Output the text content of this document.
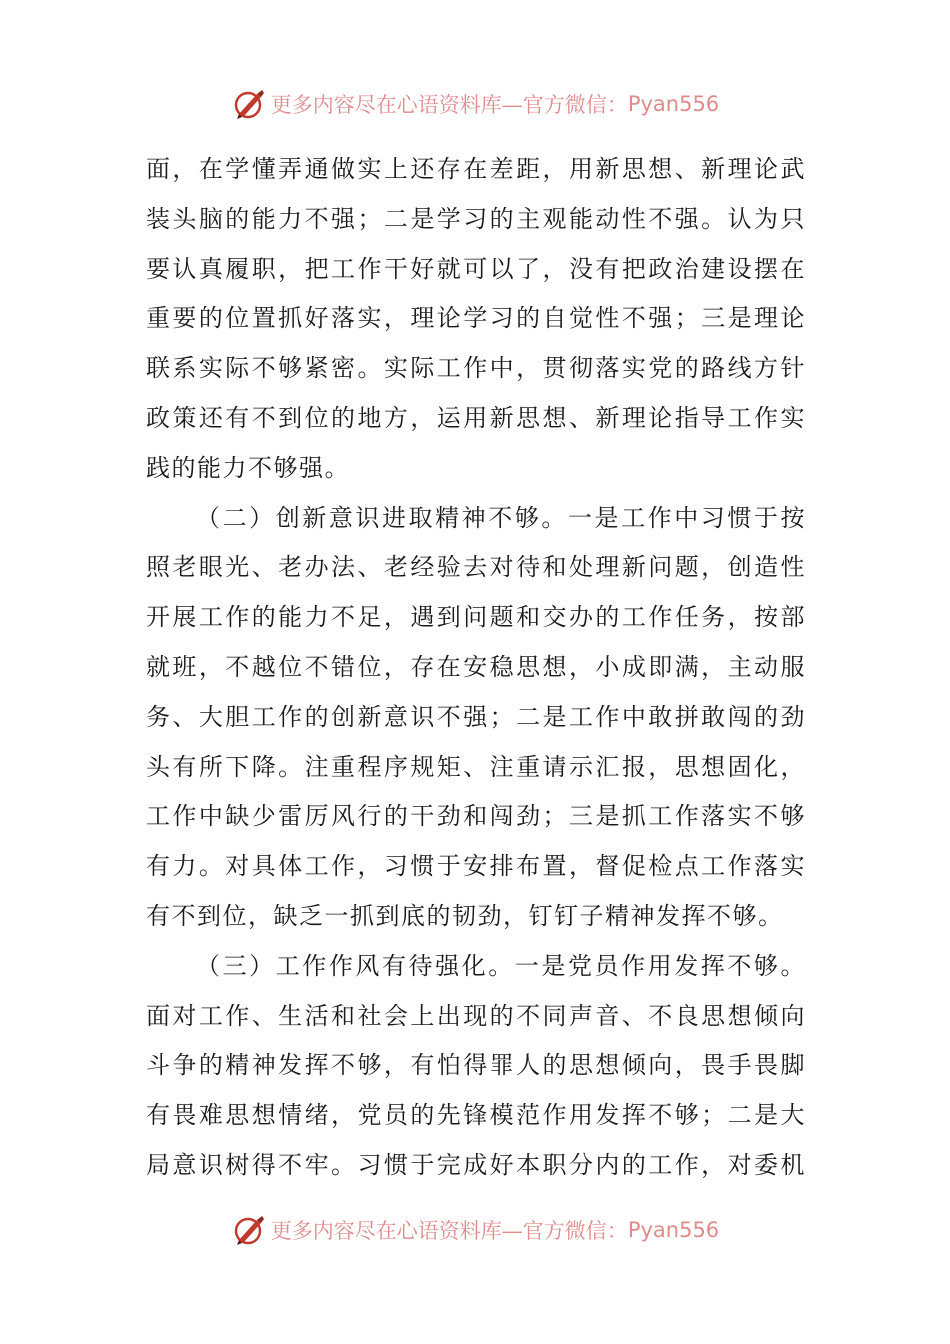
更多内容尽在心语资料库—官方微信： Pyan556
面，在学懂弄通做实上还存在差距，用新思想、新理论武
装头脑的能力不强；二是学习的主观能动性不强。认为只
要认真履职，把工作干好就可以了，没有把政治建设摆在
重要的位置抓好落实，理论学习的自觉性不强；三是理论
联系实际不够紧密。实际工作中，贯彻落实党的路线方针
政策还有不到位的地方，运用新思想、新理论指导工作实
践的能力不够强。
（二）创新意识进取精神不够。一是工作中习惯于按
照老眼光、老办法、老经验去对待和处理新问题，创造性
开展工作的能力不足，遇到问题和交办的工作任务，按部
就班，不越位不错位，存在安稳思想，小成即满，主动服
务、大胆工作的创新意识不强；二是工作中敢拼敢闯的劲
头有所下降。注重程序规矩、注重请示汇报，思想固化，
工作中缺少雷厉风行的干劲和闯劲；三是抓工作落实不够
有力。对具体工作，习惯于安排布置，督促检点工作落实
有不到位，缺乏一抓到底的韧劲，钉钉子精神发挥不够。
（三）工作作风有待强化。一是党员作用发挥不够。
面对工作、生活和社会上出现的不同声音、不良思想倾向
斗争的精神发挥不够，有怕得罪人的思想倾向，畏手畏脚
有畏难思想情绪，党员的先锋模范作用发挥不够；二是大
局意识树得不牢。习惯于完成好本职分内的工作，对委机
更多内容尽在心语资料库—官方微信： Pyan556
